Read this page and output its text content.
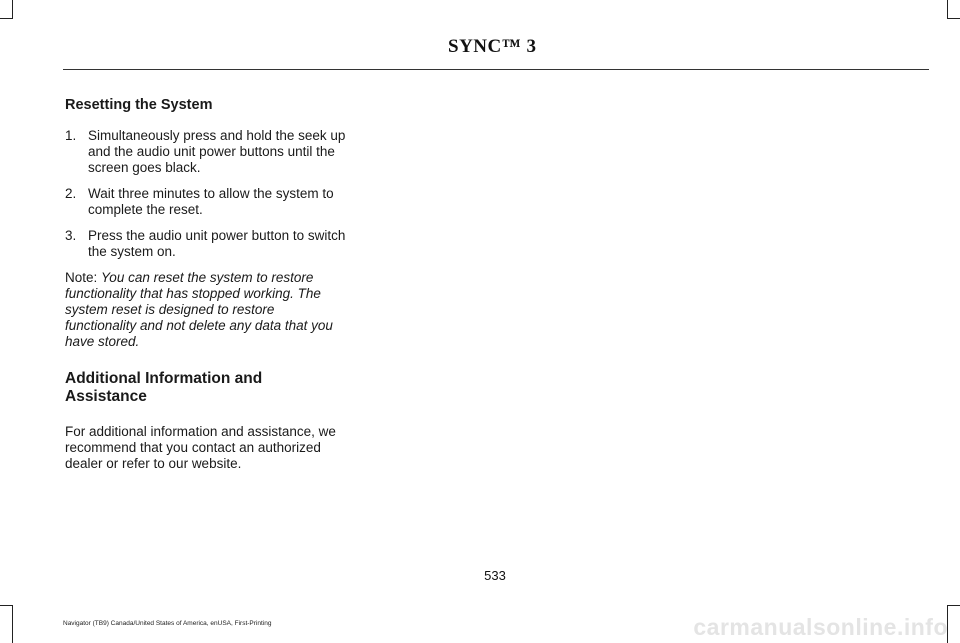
SYNC™ 3
Resetting the System
1. Simultaneously press and hold the seek up and the audio unit power buttons until the screen goes black.
2. Wait three minutes to allow the system to complete the reset.
3. Press the audio unit power button to switch the system on.

Note: You can reset the system to restore functionality that has stopped working. The system reset is designed to restore functionality and not delete any data that you have stored.

Additional Information and Assistance

For additional information and assistance, we recommend that you contact an authorized dealer or refer to our website.

533
Navigator (TB9) Canada/United States of America, enUSA, First-Printing	carmanualsonline.info
